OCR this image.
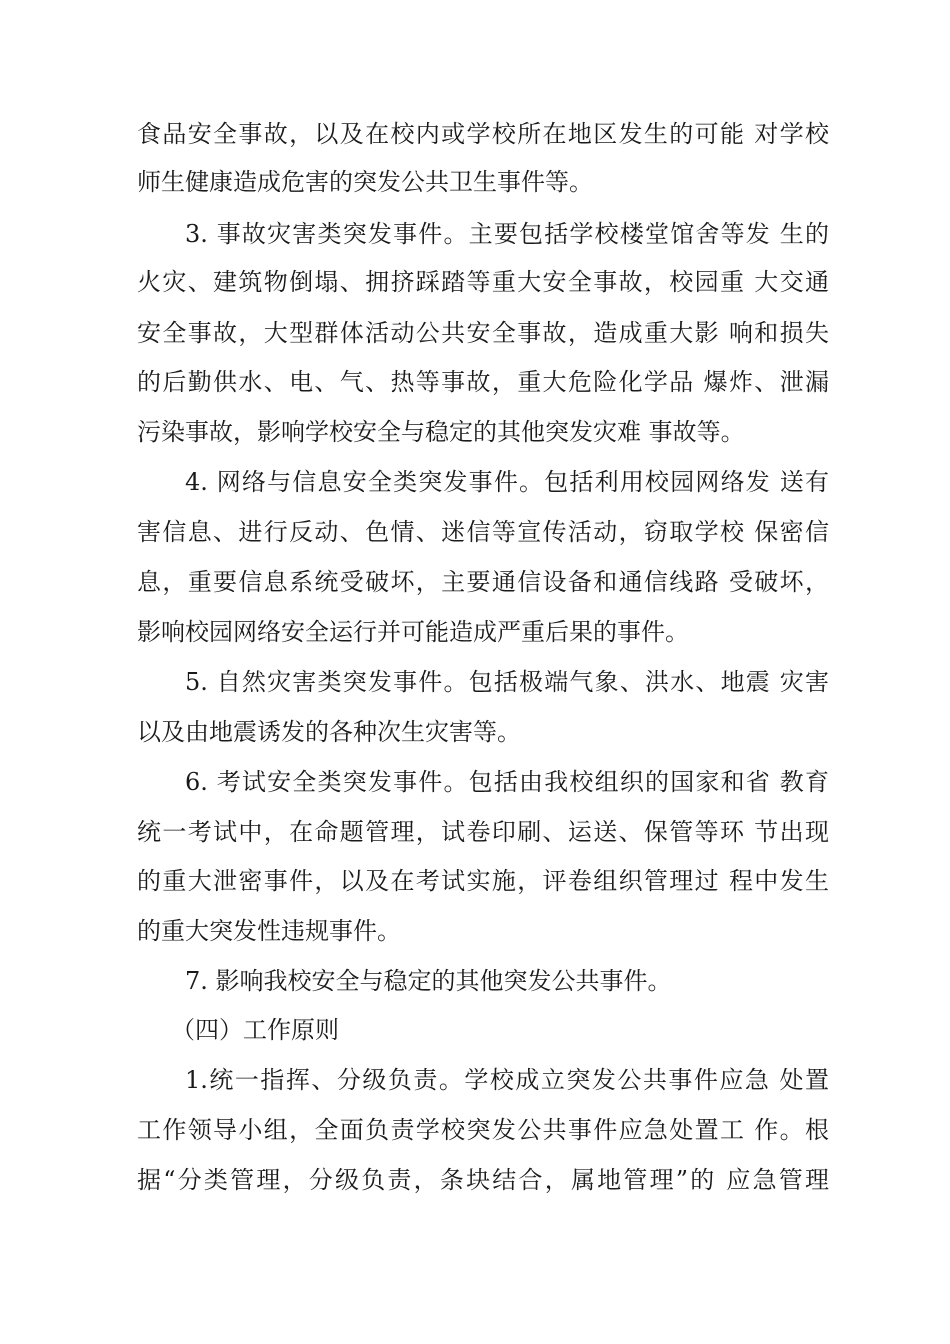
食品安全事故，以及在校内或学校所在地区发生的可能 对学校
师生健康造成危害的突发公共卫生事件等。
3. 事故灾害类突发事件。主要包括学校楼堂馆舍等发 生的
火灾、建筑物倒塌、拥挤踩踏等重大安全事故，校园重 大交通
安全事故，大型群体活动公共安全事故，造成重大影 响和损失
的后勤供水、电、气、热等事故，重大危险化学品 爆炸、泄漏
污染事故，影响学校安全与稳定的其他突发灾难 事故等。
4. 网络与信息安全类突发事件。包括利用校园网络发 送有
害信息、进行反动、色情、迷信等宣传活动，窃取学校 保密信
息，重要信息系统受破坏，主要通信设备和通信线路 受破坏，
影响校园网络安全运行并可能造成严重后果的事件。
5. 自然灾害类突发事件。包括极端气象、洪水、地震 灾害
以及由地震诱发的各种次生灾害等。
6. 考试安全类突发事件。包括由我校组织的国家和省 教育
统一考试中，在命题管理，试卷印刷、运送、保管等环 节出现
的重大泄密事件，以及在考试实施，评卷组织管理过 程中发生
的重大突发性违规事件。
7. 影响我校安全与稳定的其他突发公共事件。
（四）工作原则
1.统一指挥、分级负责。学校成立突发公共事件应急 处置
工作领导小组，全面负责学校突发公共事件应急处置工 作。根
据“分类管理，分级负责，条块结合，属地管理”的 应急管理
